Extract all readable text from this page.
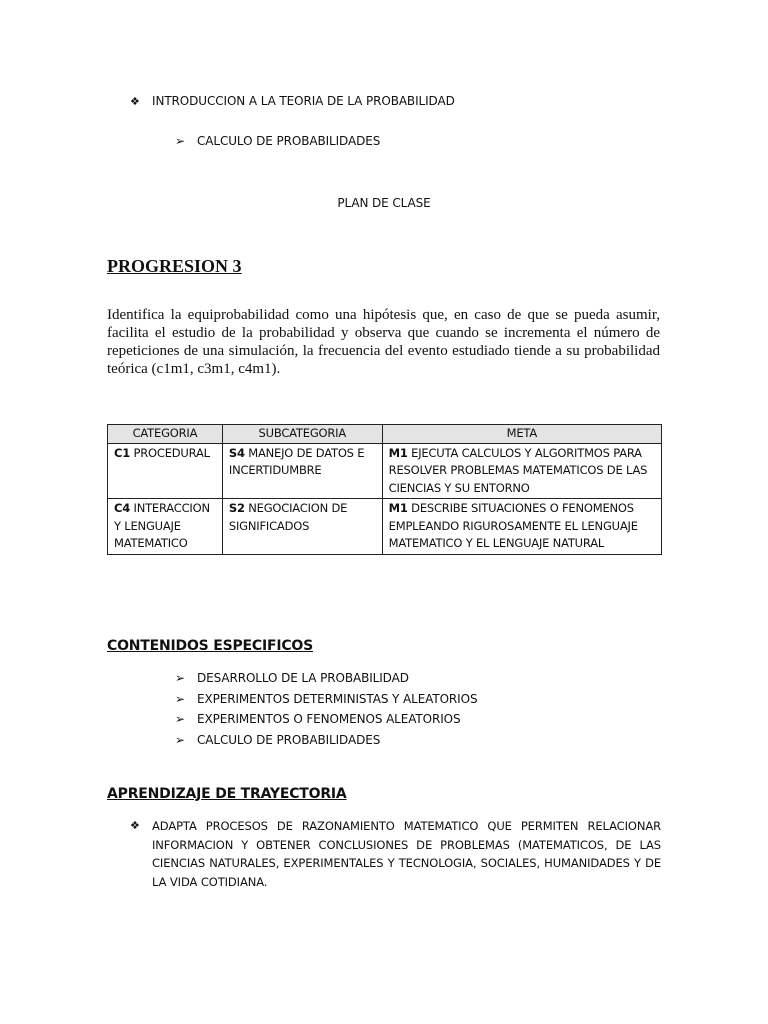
❖	INTRODUCCION A LA TEORIA DE LA PROBABILIDAD
➢	CALCULO DE PROBABILIDADES
PLAN DE CLASE
PROGRESION 3
Identifica la equiprobabilidad como una hipótesis que, en caso de que se pueda asumir, facilita el estudio de la probabilidad y observa que cuando se incrementa el número de repeticiones de una simulación, la frecuencia del evento estudiado tiende a su probabilidad teórica (c1m1, c3m1, c4m1).
CATEGORIA	SUBCATEGORIA	META
C1 PROCEDURAL	S4 MANEJO DE DATOS E INCERTIDUMBRE	M1 EJECUTA CALCULOS Y ALGORITMOS PARA RESOLVER PROBLEMAS MATEMATICOS DE LAS CIENCIAS Y SU ENTORNO
C4 INTERACCION Y LENGUAJE MATEMATICO	S2 NEGOCIACION DE SIGNIFICADOS	M1 DESCRIBE SITUACIONES O FENOMENOS EMPLEANDO RIGUROSAMENTE EL LENGUAJE MATEMATICO Y EL LENGUAJE NATURAL
CONTENIDOS ESPECIFICOS
➢	DESARROLLO DE LA PROBABILIDAD
➢	EXPERIMENTOS DETERMINISTAS Y ALEATORIOS
➢	EXPERIMENTOS O FENOMENOS ALEATORIOS
➢	CALCULO DE PROBABILIDADES
APRENDIZAJE DE TRAYECTORIA
❖	ADAPTA PROCESOS DE RAZONAMIENTO MATEMATICO QUE PERMITEN RELACIONAR INFORMACION Y OBTENER CONCLUSIONES DE PROBLEMAS (MATEMATICOS, DE LAS CIENCIAS NATURALES, EXPERIMENTALES Y TECNOLOGIA, SOCIALES, HUMANIDADES Y DE LA VIDA COTIDIANA.
